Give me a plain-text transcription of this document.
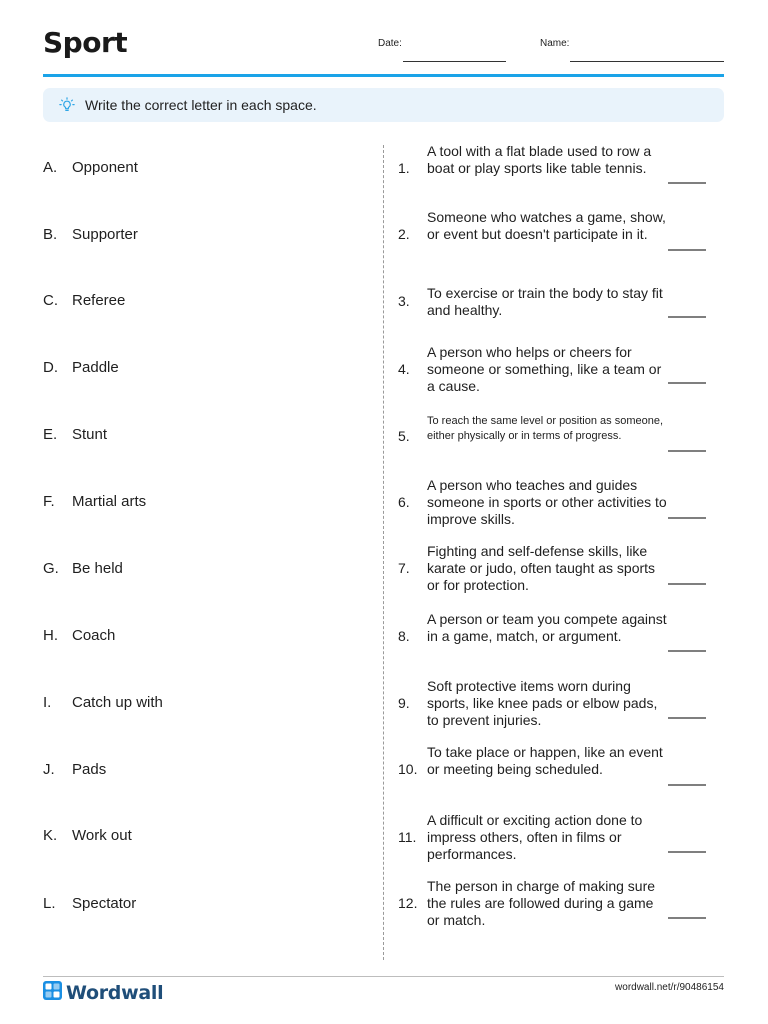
Sport	Date:	Name:
Write the correct letter in each space.
A. Opponent
B. Supporter
C. Referee
D. Paddle
E. Stunt
F. Martial arts
G. Be held
H. Coach
I. Catch up with
J. Pads
K. Work out
L. Spectator
1.
A tool with a flat blade used to row a boat or play sports like table tennis.
2.
Someone who watches a game, show, or event but doesn't participate in it.
3. To exercise or train the body to stay fit and healthy.
4.
A person who helps or cheers for someone or something, like a team or a cause.
5.
To reach the same level or position as someone, either physically or in terms of progress.
6.
A person who teaches and guides someone in sports or other activities to improve skills.
7.
Fighting and self-defense skills, like karate or judo, often taught as sports or for protection.
8.
A person or team you compete against in a game, match, or argument.
9.
Soft protective items worn during sports, like knee pads or elbow pads, to prevent injuries.
10.
To take place or happen, like an event or meeting being scheduled.
11.
A difficult or exciting action done to impress others, often in films or performances.
12.
The person in charge of making sure the rules are followed during a game or match.
Wordwall	wordwall.net/r/90486154
